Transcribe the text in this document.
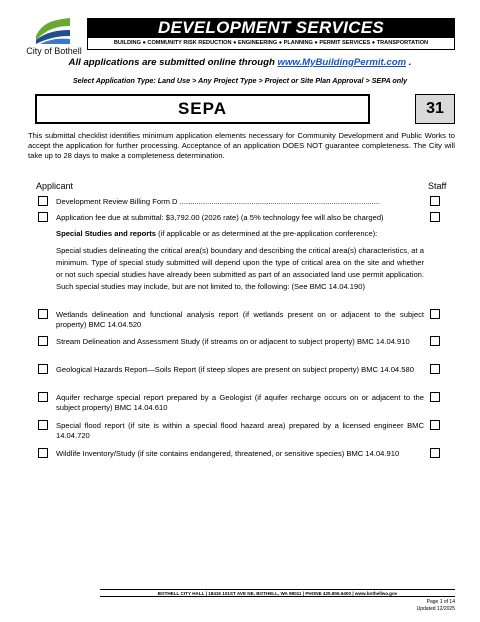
City of Bothell
DEVELOPMENT SERVICES
BUILDING ● COMMUNITY RISK REDUCTION ● ENGINEERING ● PLANNING ● PERMIT SERVICES ● TRANSPORTATION
All applications are submitted online through www.MyBuildingPermit.com .
Select Application Type: Land Use > Any Project Type > Project or Site Plan Approval > SEPA only
SEPA	31
This submittal checklist identifies minimum application elements necessary for Community Development and Public Works to accept the application for further processing. Acceptance of an application DOES NOT guarantee completeness. The City will take up to 28 days to make a completeness determination.
Applicant	Staff
Development Review Billing Form D ...............................................................................................
Application fee due at submittal: $3,792.00 (2026 rate) (a 5% technology fee will also be charged)
Special Studies and reports (if applicable or as determined at the pre-application conference):
Special studies delineating the critical area(s) boundary and describing the critical area(s) characteristics, at a minimum. Type of special study submitted will depend upon the type of critical area on the site and whether or not such special studies have already been submitted as part of an associated land use permit application. Such special studies may include, but are not limited to, the following: (See BMC 14.04.190)
Wetlands delineation and functional analysis report (if wetlands present on or adjacent to the subject property) BMC 14.04.520
Stream Delineation and Assessment Study (if streams on or adjacent to subject property) BMC 14.04.910
Geological Hazards Report—Soils Report (if steep slopes are present on subject property) BMC 14.04.580
Aquifer recharge special report prepared by a Geologist (if aquifer recharge occurs on or adjacent to the subject property) BMC 14.04.610
Special flood report (if site is within a special flood hazard area) prepared by a licensed engineer BMC 14.04.720
Wildlife Inventory/Study (if site contains endangered, threatened, or sensitive species) BMC 14.04.910
BOTHELL CITY HALL | 18415 101ST AVE NE, BOTHELL, WA 98011 | PHONE 425.806.6400 | www.bothellwa.gov
Page 1 of 14
Updated 12/2025
